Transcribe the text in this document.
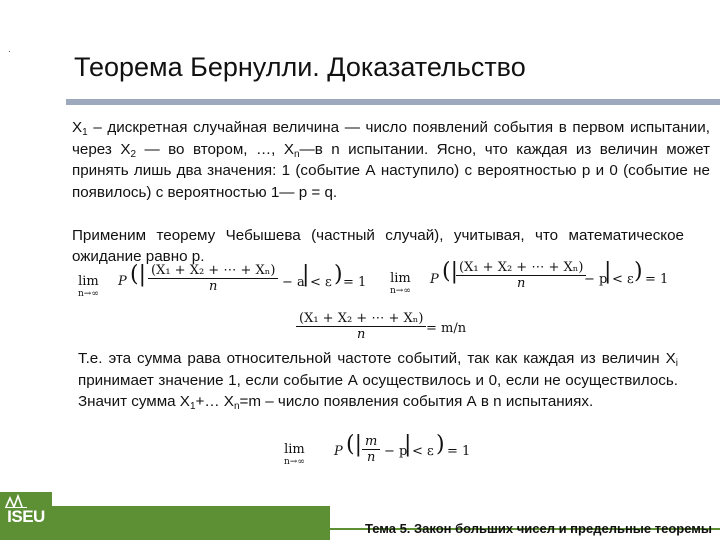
.
Теорема Бернулли. Доказательство
$Х_1$ – дискретная случайная величина — число появлений события в первом испытании, через $Х_2$ — во втором, …, $Х_n—в$ n испытании. Ясно, что каждая из величин может принять лишь два значения: 1 (событие А наступило) с вероятностью р и 0 (событие не появилось) с вероятностью 1— р = q.
Применим теорему Чебышева (частный случай), учитывая, что математическое ожидание равно р.
lim
n→∞
P (| $\frac{\text{(X₁ + X₂ + ⋯ + Xₙ)}}{n} - a$
| < ε ) = 1 lim
n→∞
P (|
$\frac{\text{(X₁ + X₂ + ⋯ + Xₙ)}}{n}$
− p
| < ε ) = 1
$\frac{\text{(X₁ + X₂ + ⋯ + Xₙ)}}{n} = m/n$
Т.е. эта сумма рава относительной частоте событий, так как каждая из величин $Х_i$ принимает значение 1, если событие А осуществилось и 0, если не осуществилось. Значит сумма $Х_1+\dots$ $Х_n=m$ – число появления события А в n испытаниях.
lim
n→∞
P (| $\frac{m}{n} - p$
| < ε ) = 1
ISEU
Тема 5. Закон больших чисел и предельные теоремы
